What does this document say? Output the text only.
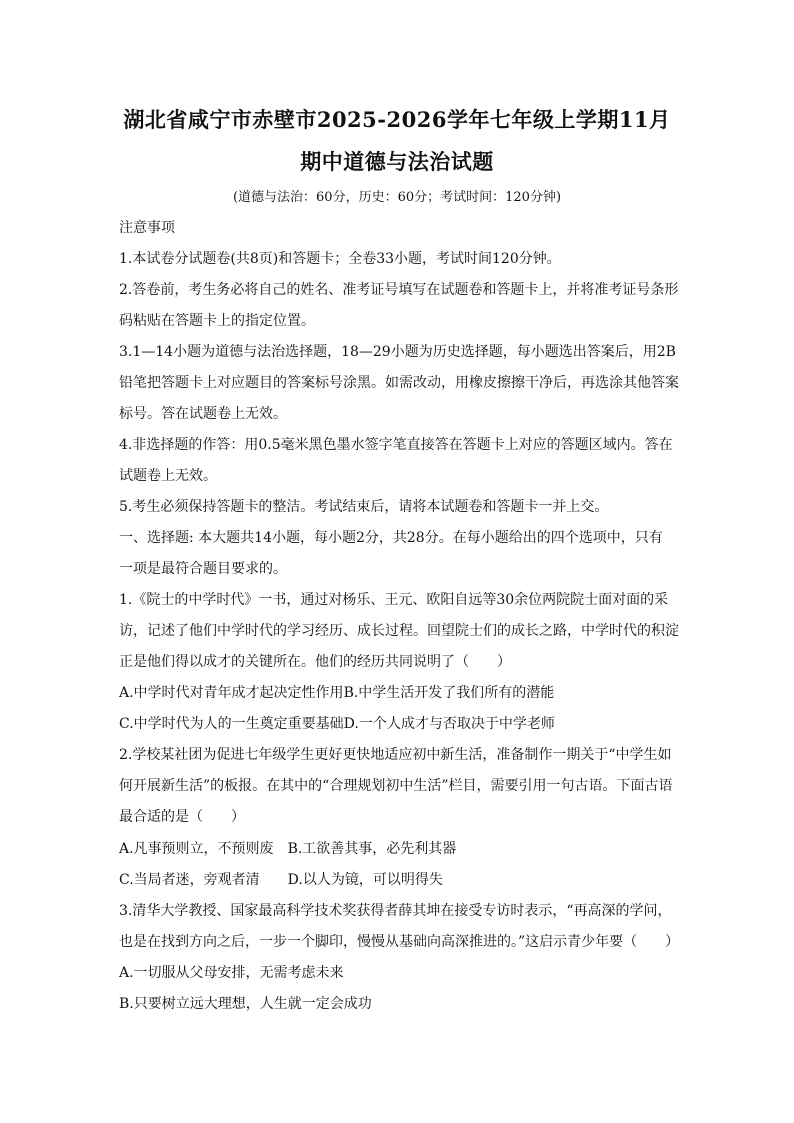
湖北省咸宁市赤壁市2025-2026学年七年级上学期11月
期中道德与法治试题
(道德与法治：60分，历史：60分；考试时间：120分钟)
注意事项
1.本试卷分试题卷(共8页)和答题卡；全卷33小题，考试时间120分钟。
2.答卷前，考生务必将自己的姓名、准考证号填写在试题卷和答题卡上，并将准考证号条形
码粘贴在答题卡上的指定位置。
3.1—14小题为道德与法治选择题，18—29小题为历史选择题，每小题选出答案后，用2B
铅笔把答题卡上对应题目的答案标号涂黑。如需改动，用橡皮擦擦干净后，再选涂其他答案
标号。答在试题卷上无效。
4.非选择题的作答：用0.5毫米黑色墨水签字笔直接答在答题卡上对应的答题区域内。答在
试题卷上无效。
5.考生必须保持答题卡的整洁。考试结束后，请将本试题卷和答题卡一并上交。
一、选择题: 本大题共14小题，每小题2分，共28分。在每小题给出的四个选项中，只有
一项是最符合题目要求的。
1.《院士的中学时代》一书，通过对杨乐、王元、欧阳自远等30余位两院院士面对面的采
访，记述了他们中学时代的学习经历、成长过程。回望院士们的成长之路，中学时代的积淀
正是他们得以成才的关键所在。他们的经历共同说明了（　　）
A.中学时代对青年成才起决定性作用B.中学生活开发了我们所有的潜能
C.中学时代为人的一生奠定重要基础D.一个人成才与否取决于中学老师
2.学校某社团为促进七年级学生更好更快地适应初中新生活，准备制作一期关于“中学生如
何开展新生活”的板报。在其中的“合理规划初中生活”栏目，需要引用一句古语。下面古语
最合适的是（　　）
A.凡事预则立，不预则废 B.工欲善其事，必先利其器
C.当局者迷，旁观者清 D.以人为镜，可以明得失
3.清华大学教授、国家最高科学技术奖获得者薛其坤在接受专访时表示，“再高深的学问，
也是在找到方向之后，一步一个脚印，慢慢从基础向高深推进的。”这启示青少年要（　　）
A.一切服从父母安排，无需考虑未来
B.只要树立远大理想，人生就一定会成功
